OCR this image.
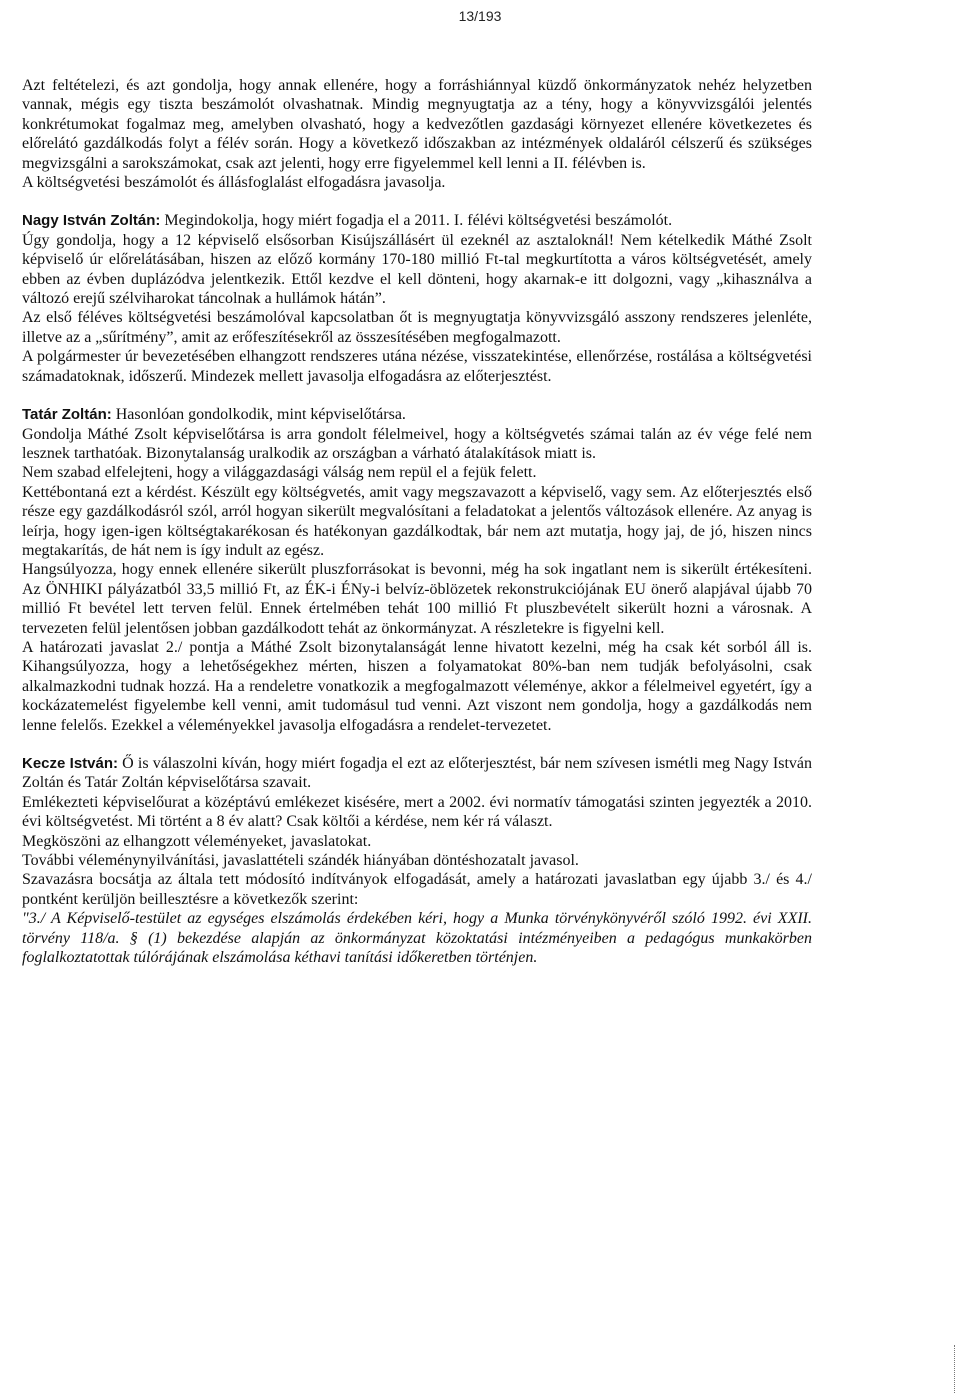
13/193

Azt feltételezi, és azt gondolja, hogy annak ellenére, hogy a forráshiánnyal küzdő önkormányzatok nehéz helyzetben vannak, mégis egy tiszta beszámolót olvashatnak. Mindig megnyugtatja az a tény, hogy a könyvvizsgálói jelentés konkrétumokat fogalmaz meg, amelyben olvasható, hogy a kedvezőtlen gazdasági környezet ellenére következetes és előrelátó gazdálkodás folyt a félév során. Hogy a következő időszakban az intézmények oldaláról célszerű és szükséges megvizsgálni a sarokszámokat, csak azt jelenti, hogy erre figyelemmel kell lenni a II. félévben is.

A költségvetési beszámolót és állásfoglalást elfogadásra javasolja.

Nagy István Zoltán: Megindokolja, hogy miért fogadja el a 2011. I. félévi költségvetési beszámolót.

Úgy gondolja, hogy a 12 képviselő elsősorban Kisújszállásért ül ezeknél az asztaloknál! Nem kételkedik Máthé Zsolt képviselő úr előrelátásában, hiszen az előző kormány 170-180 millió Ft-tal megkurtította a város költségvetését, amely ebben az évben duplázódva jelentkezik. Ettől kezdve el kell dönteni, hogy akarnak-e itt dolgozni, vagy „kihasználva a változó erejű szélviharokat táncolnak a hullámok hátán”.

Az első féléves költségvetési beszámolóval kapcsolatban őt is megnyugtatja könyvvizsgáló asszony rendszeres jelenléte, illetve az a „sűrítmény”, amit az erőfeszítésekről az összesítésében megfogalmazott.

A polgármester úr bevezetésében elhangzott rendszeres utána nézése, visszatekintése, ellenőrzése, rostálása a költségvetési számadatoknak, időszerű. Mindezek mellett javasolja elfogadásra az előterjesztést.

Tatár Zoltán: Hasonlóan gondolkodik, mint képviselőtársa.

Gondolja Máthé Zsolt képviselőtársa is arra gondolt félelmeivel, hogy a költségvetés számai talán az év vége felé nem lesznek tarthatóak. Bizonytalanság uralkodik az országban a várható átalakítások miatt is.

Nem szabad elfelejteni, hogy a világgazdasági válság nem repül el a fejük felett.

Kettébontaná ezt a kérdést. Készült egy költségvetés, amit vagy megszavazott a képviselő, vagy sem. Az előterjesztés első része egy gazdálkodásról szól, arról hogyan sikerült megvalósítani a feladatokat a jelentős változások ellenére. Az anyag is leírja, hogy igen-igen költségtakarékosan és hatékonyan gazdálkodtak, bár nem azt mutatja, hogy jaj, de jó, hiszen nincs megtakarítás, de hát nem is így indult az egész.

Hangsúlyozza, hogy ennek ellenére sikerült pluszforrásokat is bevonni, még ha sok ingatlant nem is sikerült értékesíteni. Az ÖNHIKI pályázatból 33,5 millió Ft, az ÉK-i ÉNy-i belvíz-öblözetek rekonstrukciójának EU önerő alapjával újabb 70 millió Ft bevétel lett terven felül. Ennek értelmében tehát 100 millió Ft pluszbevételt sikerült hozni a városnak. A tervezeten felül jelentősen jobban gazdálkodott tehát az önkormányzat. A részletekre is figyelni kell.

A határozati javaslat 2./ pontja a Máthé Zsolt bizonytalanságát lenne hivatott kezelni, még ha csak két sorból áll is. Kihangsúlyozza, hogy a lehetőségekhez mérten, hiszen a folyamatokat 80%-ban nem tudják befolyásolni, csak alkalmazkodni tudnak hozzá. Ha a rendeletre vonatkozik a megfogalmazott véleménye, akkor a félelmeivel egyetért, így a kockázatemelést figyelembe kell venni, amit tudomásul tud venni. Azt viszont nem gondolja, hogy a gazdálkodás nem lenne felelős. Ezekkel a véleményekkel javasolja elfogadásra a rendelet-tervezetet.

Kecze István: Ő is válaszolni kíván, hogy miért fogadja el ezt az előterjesztést, bár nem szívesen ismétli meg Nagy István Zoltán és Tatár Zoltán képviselőtársa szavait.

Emlékezteti képviselőurat a középtávú emlékezet kisésére, mert a 2002. évi normatív támogatási szinten jegyezték a 2010. évi költségvetést. Mi történt a 8 év alatt? Csak költői a kérdése, nem kér rá választ.

Megköszöni az elhangzott véleményeket, javaslatokat.

További véleménynyilvánítási, javaslattételi szándék hiányában döntéshozatalt javasol.

Szavazásra bocsátja az általa tett módosító indítványok elfogadását, amely a határozati javaslatban egy újabb 3./ és 4./ pontként kerüljön beillesztésre a következők szerint:

"3./ A Képviselő-testület az egységes elszámolás érdekében kéri, hogy a Munka törvénykönyvéről szóló 1992. évi XXII. törvény 118/a. § (1) bekezdése alapján az önkormányzat közoktatási intézményeiben a pedagógus munkakörben foglalkoztatottak túlórájának elszámolása kéthavi tanítási időkeretben történjen.
